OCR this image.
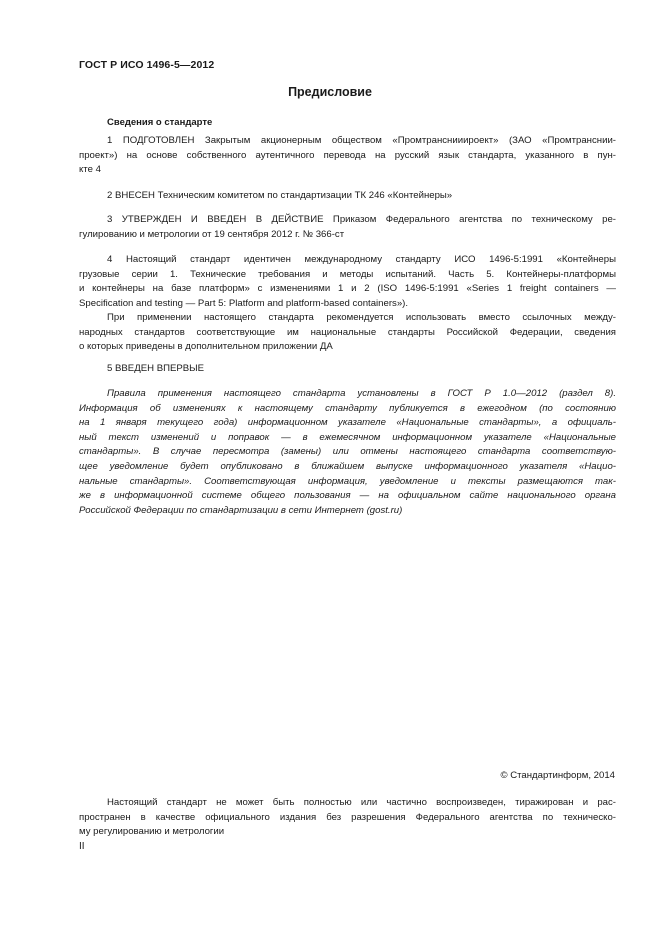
ГОСТ Р ИСО 1496-5—2012
Предисловие
Сведения о стандарте
1 ПОДГОТОВЛЕН Закрытым акционерным обществом «Промтранснииироект» (ЗАО «Промтранснии-
проект») на основе собственного аутентичного перевода на русский язык стандарта, указанного в пун-
кте 4
2 ВНЕСЕН Техническим комитетом по стандартизации ТК 246 «Контейнеры»
3 УТВЕРЖДЕН И ВВЕДЕН В ДЕЙСТВИЕ Приказом Федерального агентства по техническому ре-
гулированию и метрологии от 19 сентября 2012 г. № 366-ст
4 Настоящий стандарт идентичен международному стандарту ИСО 1496-5:1991 «Контейнеры
грузовые серии 1. Технические требования и методы испытаний. Часть 5. Контейнеры-платформы
и контейнеры на базе платформ» с изменениями 1 и 2 (ISO 1496-5:1991 «Series 1 freight containers —
Specification and testing — Part 5: Platform and platform-based containers»).
При применении настоящего стандарта рекомендуется использовать вместо ссылочных между-
народных стандартов соответствующие им национальные стандарты Российской Федерации, сведения
о которых приведены в дополнительном приложении ДА
5 ВВЕДЕН ВПЕРВЫЕ
Правила применения настоящего стандарта установлены в ГОСТ Р 1.0—2012 (раздел 8).
Информация об изменениях к настоящему стандарту публикуется в ежегодном (по состоянию
на 1 января текущего года) информационном указателе «Национальные стандарты», а официаль-
ный текст изменений и поправок — в ежемесячном информационном указателе «Национальные
стандарты». В случае пересмотра (замены) или отмены настоящего стандарта соответствую-
щее уведомление будет опубликовано в ближайшем выпуске информационного указателя «Нацио-
нальные стандарты». Соответствующая информация, уведомление и тексты размещаются так-
же в информационной системе общего пользования — на официальном сайте национального органа
Российской Федерации по стандартизации в сети Интернет (gost.ru)
© Стандартинформ, 2014
Настоящий стандарт не может быть полностью или частично воспроизведен, тиражирован и рас-
пространен в качестве официального издания без разрешения Федерального агентства по техническо-
му регулированию и метрологии
II
